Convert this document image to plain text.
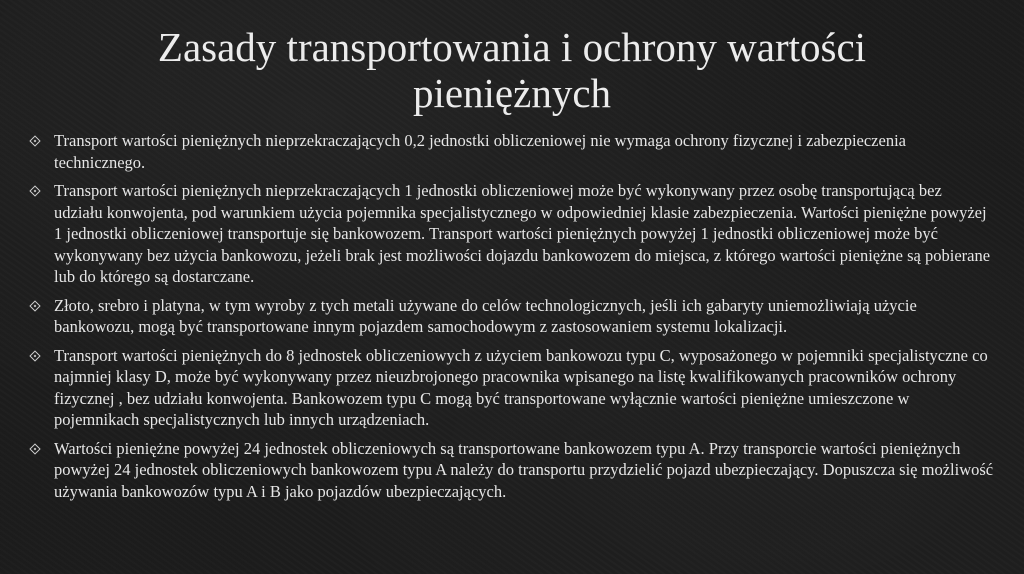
Zasady transportowania i ochrony wartości
pieniężnych
Transport wartości pieniężnych nieprzekraczających 0,2 jednostki obliczeniowej nie wymaga ochrony fizycznej i zabezpieczenia technicznego.
Transport wartości pieniężnych nieprzekraczających 1 jednostki obliczeniowej może być wykonywany przez osobę transportującą bez udziału konwojenta, pod warunkiem użycia pojemnika specjalistycznego w odpowiedniej klasie zabezpieczenia. Wartości pieniężne powyżej 1 jednostki obliczeniowej transportuje się bankowozem. Transport wartości pieniężnych powyżej 1 jednostki obliczeniowej może być wykonywany bez użycia bankowozu, jeżeli brak jest możliwości dojazdu bankowozem do miejsca, z którego wartości pieniężne są pobierane lub do którego są dostarczane.
Złoto, srebro i platyna, w tym wyroby z tych metali używane do celów technologicznych, jeśli ich gabaryty uniemożliwiają użycie bankowozu, mogą być transportowane innym pojazdem samochodowym z zastosowaniem systemu lokalizacji.
Transport wartości pieniężnych do 8 jednostek obliczeniowych z użyciem bankowozu typu C, wyposażonego w pojemniki specjalistyczne co najmniej klasy D, może być wykonywany przez nieuzbrojonego pracownika wpisanego na listę kwalifikowanych pracowników ochrony fizycznej , bez udziału konwojenta. Bankowozem typu C mogą być transportowane wyłącznie wartości pieniężne umieszczone w pojemnikach specjalistycznych lub innych urządzeniach.
Wartości pieniężne powyżej 24 jednostek obliczeniowych są transportowane bankowozem typu A. Przy transporcie wartości pieniężnych powyżej 24 jednostek obliczeniowych bankowozem typu A należy do transportu przydzielić pojazd ubezpieczający. Dopuszcza się możliwość używania bankowozów typu A i B jako pojazdów ubezpieczających.
